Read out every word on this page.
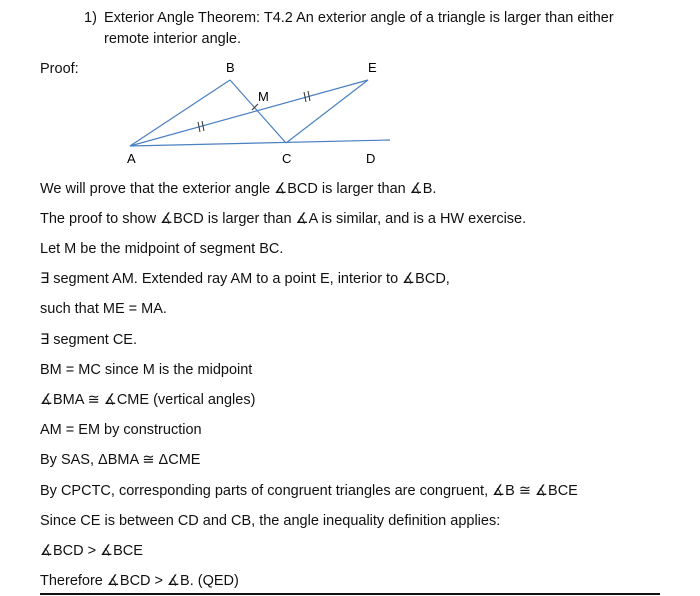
1) Exterior Angle Theorem: T4.2 An exterior angle of a triangle is larger than either
remote interior angle.
Proof:	B	E
M
A	C	D
We will prove that the exterior angle ∡BCD is larger than ∡B.
The proof to show ∡BCD is larger than ∡A is similar, and is a HW exercise.
Let M be the midpoint of segment BC.
∃ segment AM. Extended ray AM to a point E, interior to ∡BCD,
such that ME = MA.
∃ segment CE.
BM = MC since M is the midpoint
∡BMA ≅ ∡CME (vertical angles)
AM = EM by construction
By SAS, ΔBMA ≅ ΔCME
By CPCTC, corresponding parts of congruent triangles are congruent, ∡B ≅ ∡BCE
Since CE is between CD and CB, the angle inequality definition applies:
∡BCD > ∡BCE
Therefore ∡BCD > ∡B. (QED)
